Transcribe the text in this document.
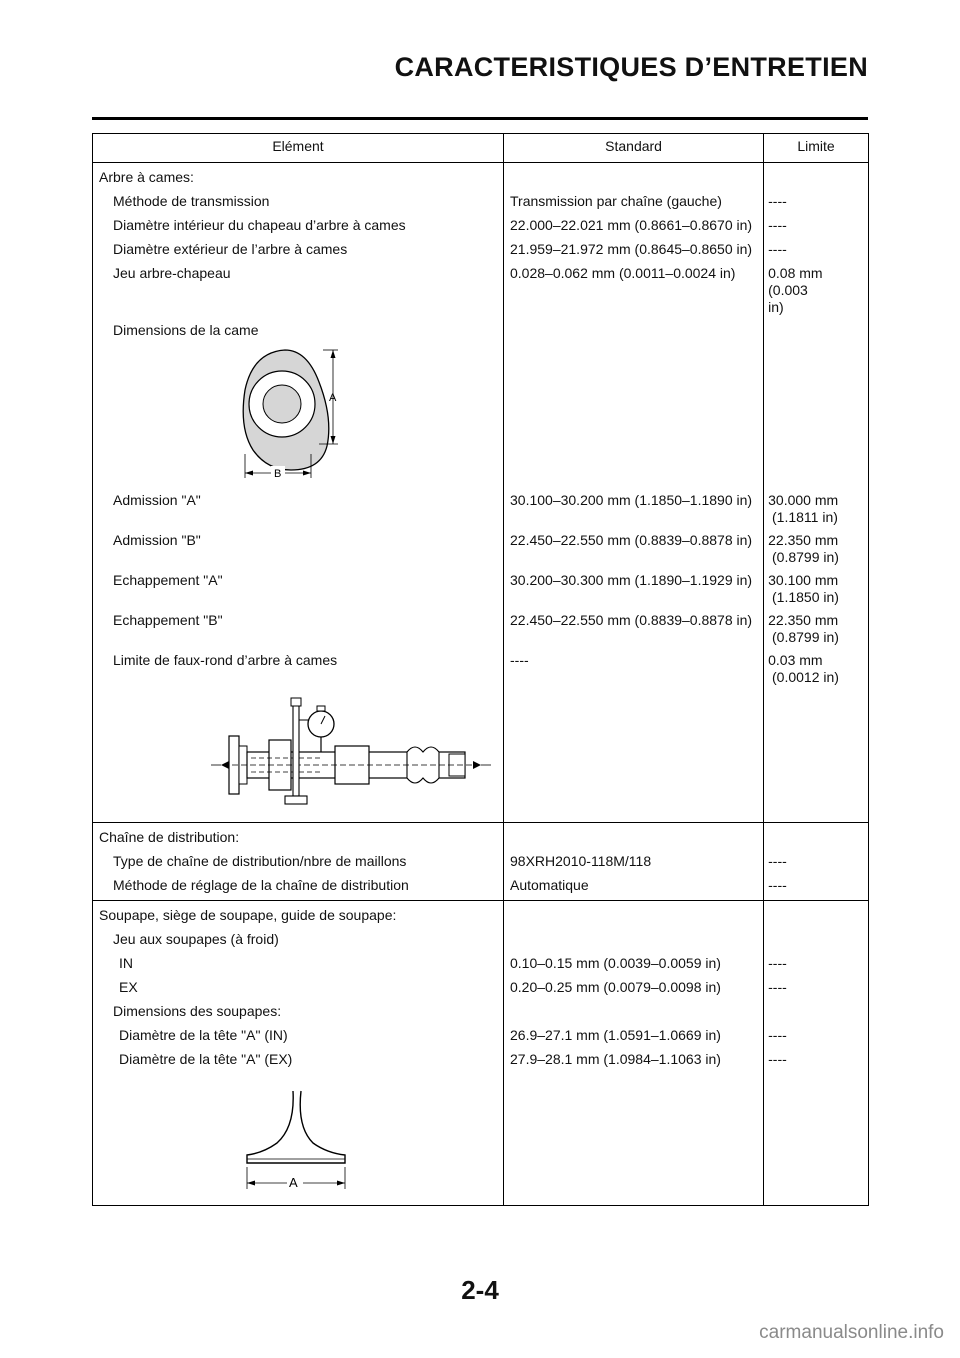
CARACTERISTIQUES D’ENTRETIEN
Elément	Standard	Limite
Arbre à cames:		
Méthode de transmission	Transmission par chaîne (gauche)	----
Diamètre intérieur du chapeau d’arbre à cames	22.000–22.021 mm (0.8661–0.8670 in)	----
Diamètre extérieur de l’arbre à cames	21.959–21.972 mm (0.8645–0.8650 in)	----
Jeu arbre-chapeau	0.028–0.062 mm (0.0011–0.0024 in)	0.08 mm (0.003
in)
Dimensions de la came		

A
B		

Admission "A"	30.100–30.200 mm (1.1850–1.1890 in)	30.000 mm
(1.1811 in)
Admission "B"	22.450–22.550 mm (0.8839–0.8878 in)	22.350 mm
(0.8799 in)
Echappement "A"	30.200–30.300 mm (1.1890–1.1929 in)	30.100 mm
(1.1850 in)
Echappement "B"	22.450–22.550 mm (0.8839–0.8878 in)	22.350 mm
(0.8799 in)
Limite de faux-rond d’arbre à cames	----	0.03 mm
(0.0012 in)

Chaîne de distribution:		
Type de chaîne de distribution/nbre de maillons	98XRH2010-118M/118	----
Méthode de réglage de la chaîne de distribution	Automatique	----
Soupape, siège de soupape, guide de soupape:		
Jeu aux soupapes (à froid)		
IN	0.10–0.15 mm (0.0039–0.0059 in)	----
EX	0.20–0.25 mm (0.0079–0.0098 in)	----
Dimensions des soupapes:		
Diamètre de la tête "A" (IN)	26.9–27.1 mm (1.0591–1.0669 in)	----
Diamètre de la tête "A" (EX)	27.9–28.1 mm (1.0984–1.1063 in)	----

A		

2-4
carmanualsonline.info
